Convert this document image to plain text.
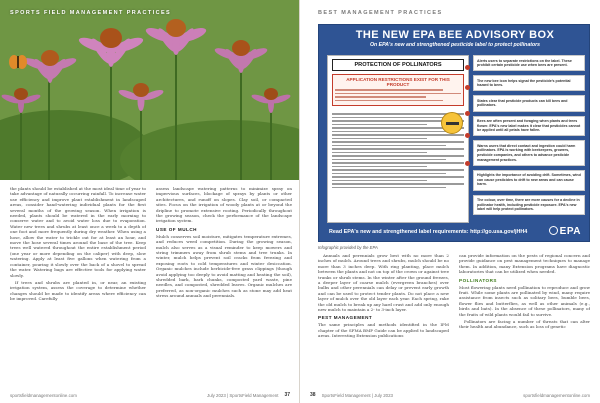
SPORTS FIELD MANAGEMENT PRACTICES

the plants should be established at the most ideal time of year to take advantage of naturally occurring rainfall. To increase water use efficiency and improve plant establishment in landscaped areas, consider hand-watering individual plants for the first several months of the growing season. When irrigation is needed, plants should be watered in the early morning to conserve water and to avoid water loss due to evaporation. Water new trees and shrubs at least once a week to a depth of one foot and more frequently during dry weather. When using a hose, allow the water to trickle out for at least an hour, and move the hose several times around the base of the tree. Keep trees well watered throughout the entire establishment period (one year or more depending on the caliper) with deep, slow watering. Apply at least five gallons when watering from a container, pouring it slowly over the back of a shovel to spread the water. Watering bags are effective tools for applying water slowly.

If trees and shrubs are planted in, or near, an existing irrigation system, assess the coverage to determine whether changes should be made to identify areas where efficiency can be improved. Carefully

assess landscape watering patterns to minimize spray on impervious surfaces, blockage of sprays by plants or other architectures, and runoff on slopes. Clay soil, or compacted sites. Focus on the irrigation of woody plants at or beyond the dripline to promote extensive rooting. Periodically throughout the growing season, check the performance of the landscape irrigation system.

USE OF MULCH

Mulch conserves soil moisture, mitigates temperature extremes, and reduces weed competition. During the growing season, mulch also serves as a visual reminder to keep mowers and string trimmers away from shrub stems and tree trunks. In winter, mulch helps prevent soil cracks from freezing and exposing roots to cold temperatures and winter desiccation. Organic mulches include herbicide-free grass clippings (though avoid applying too deeply to avoid matting and heating the soil), shredded bark, bark chunks, composted yard waste, pine needles, and composted, shredded leaves. Organic mulches are preferred, as non-organic mulches such as stone may add heat stress around annuals and perennials.

sportsfieldmanagementonline.com	July 2023 | SportsField Management 37
BEST MANAGEMENT PRACTICES
THE NEW EPA BEE ADVISORY BOX
On EPA's new and strengthened pesticide label to protect pollinators
PROTECTION OF POLLINATORS
APPLICATION RESTRICTIONS EXIST FOR THIS PRODUCT
Alerts users to separate restrictions on the label. These prohibit certain pesticide use when bees are present.
The new bee icon helps signal the pesticide's potential hazard to bees.
States clear that pesticide products can kill bees and pollinators.
Bees are often present and foraging when plants and trees flower. EPA's new label makes it clear that pesticides cannot be applied until all petals have fallen.
Warns users that direct contact and ingestion could harm pollinators. EPA is working with beekeepers, growers, pesticide companies, and others to advance pesticide management practices.
Highlights the importance of avoiding drift. Sometimes, wind can cause pesticides to drift to new areas and can cause harm.
The colour, over time, there are more causes for a decline in pollinator health, including pesticide exposure. EPA's new label will help protect pollinators.
Read EPA's new and strengthened label requirements: http://go.usa.gov/jHH4	EPA
Infographic provided by the EPA

Annuals and perennials grow best with no more than 2 inches of mulch. Around trees and shrubs, mulch should be no more than 3 inches deep. With ring planting, place mulch between the plants and not on top of the crown or against tree trunks or shrub stems. In the winter after the ground freezes, a deeper layer of coarse mulch (evergreen branches) over bulbs and other perennials can delay or prevent early growth and can be used to protect tender plants. Do not place a new layer of mulch over the old layer each year. Each spring, rake the old mulch to break up any hard crust and add only enough new mulch to maintain a 2- to 3-inch layer.

PEST MANAGEMENT

The same principles and methods identified in the IPM chapter of the SFMA BMP Guide can be applied to landscaped areas. Interesting Extension publications

can provide information on the pests of regional concern and provide guidance on pest management techniques to manage them. In addition, many Extension programs have diagnostic laboratories that can be utilized when needed.

POLLINATORS

Most flowering plants need pollination to reproduce and grow fruit. While some plants are pollinated by wind, many require assistance from insects such as solitary bees, bumble bees, flower flies and butterflies, as well as other animals (e.g., birds and bats). In the absence of these pollinators, many of the fruits of wild plants would fail to survive.

Pollinators are facing a number of threats that can alter their health and abundance, such as loss of genetic

38 SportsField Management | July 2023	sportsfieldmanagementonline.com
